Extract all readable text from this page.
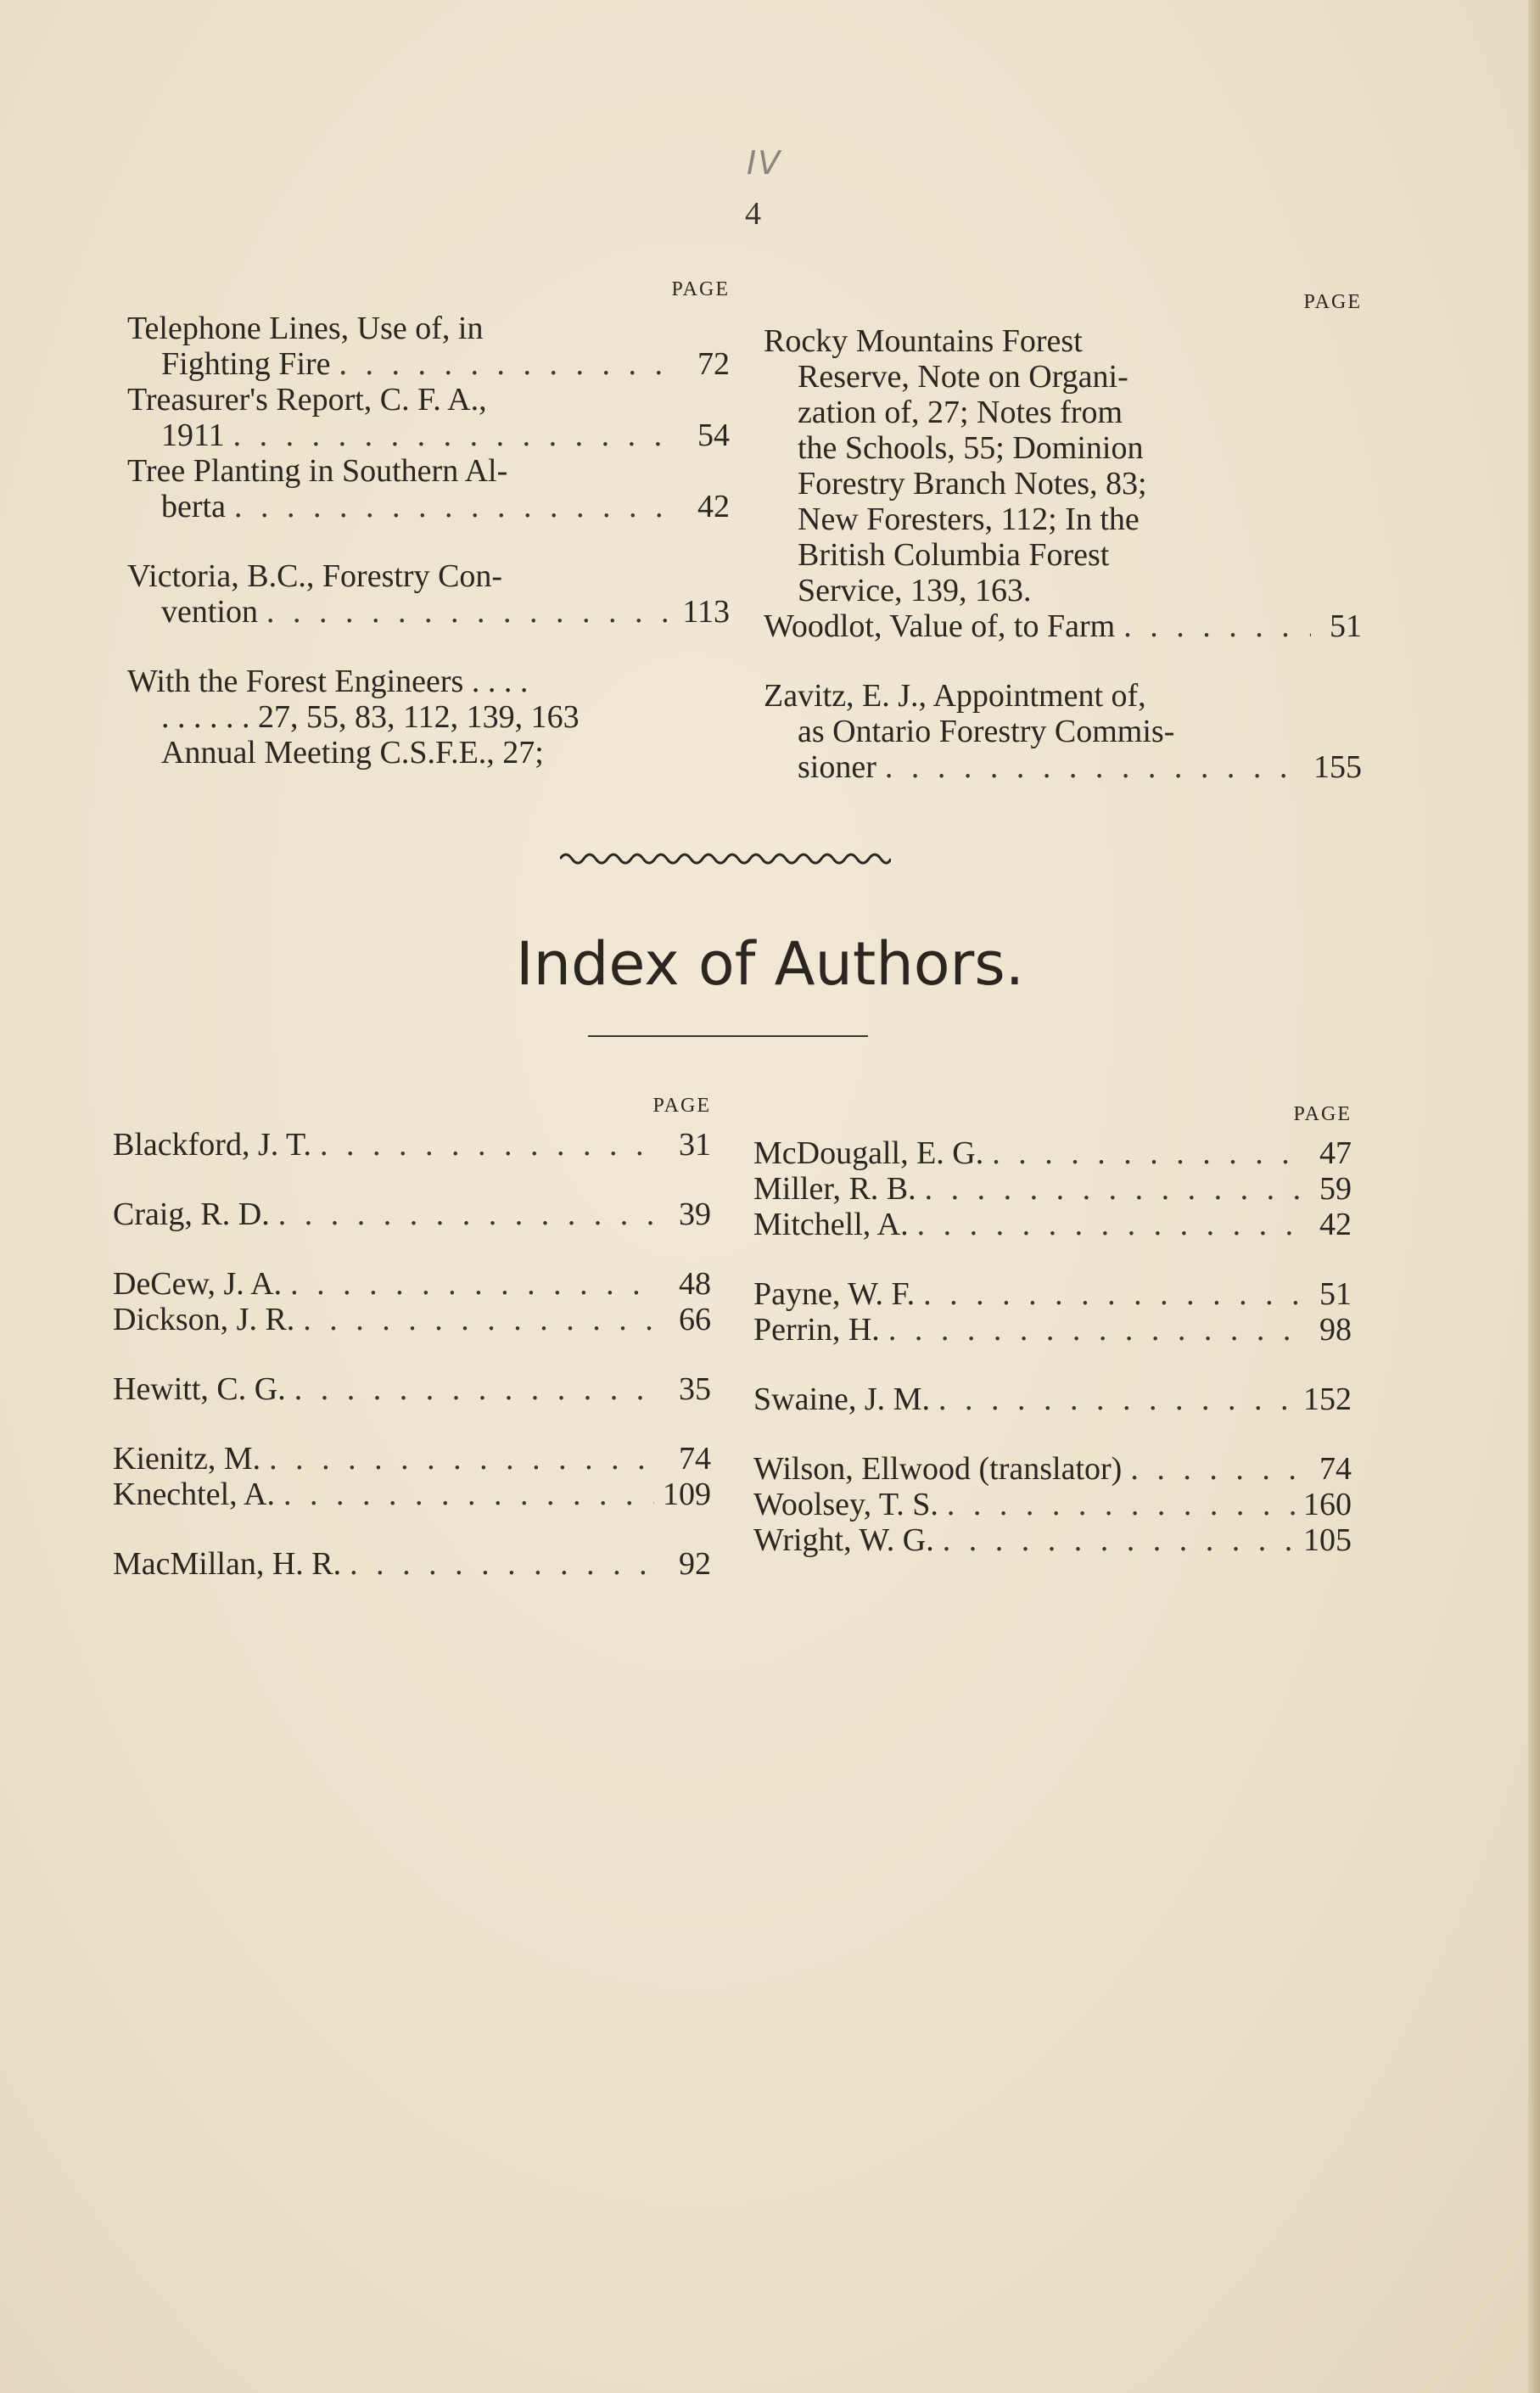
IV
4
PAGE
Telephone Lines, Use of, in
Fighting Fire . . .	72
Treasurer's Report, C. F. A.,
1911 . . .	54
Tree Planting in Southern Al-
berta . . .	42
Victoria, B.C., Forestry Con-
vention . . .	113
With the Forest Engineers . . . .
. . . . . . 27, 55, 83, 112, 139, 163
Annual Meeting C.S.F.E., 27;
PAGE
Rocky Mountains Forest
Reserve, Note on Organi-
zation of, 27; Notes from
the Schools, 55; Dominion
Forestry Branch Notes, 83;
New Foresters, 112; In the
British Columbia Forest
Service, 139, 163.
Woodlot, Value of, to Farm . . .	51
Zavitz, E. J., Appointment of,
as Ontario Forestry Commis-
sioner . . .	155
Index of Authors.
PAGE
Blackford, J. T. . . .	31
Craig, R. D. . . .	39
DeCew, J. A. . . .	48
Dickson, J. R. . . .	66
Hewitt, C. G. . . .	35
Kienitz, M. . . .	74
Knechtel, A. . . .	109
MacMillan, H. R. . . .	92
PAGE
McDougall, E. G. . . .	47
Miller, R. B. . . .	59
Mitchell, A. . . .	42
Payne, W. F. . . .	51
Perrin, H. . . .	98
Swaine, J. M. . . .	152
Wilson, Ellwood (translator) . . .	74
Woolsey, T. S. . . .	160
Wright, W. G. . . .	105
